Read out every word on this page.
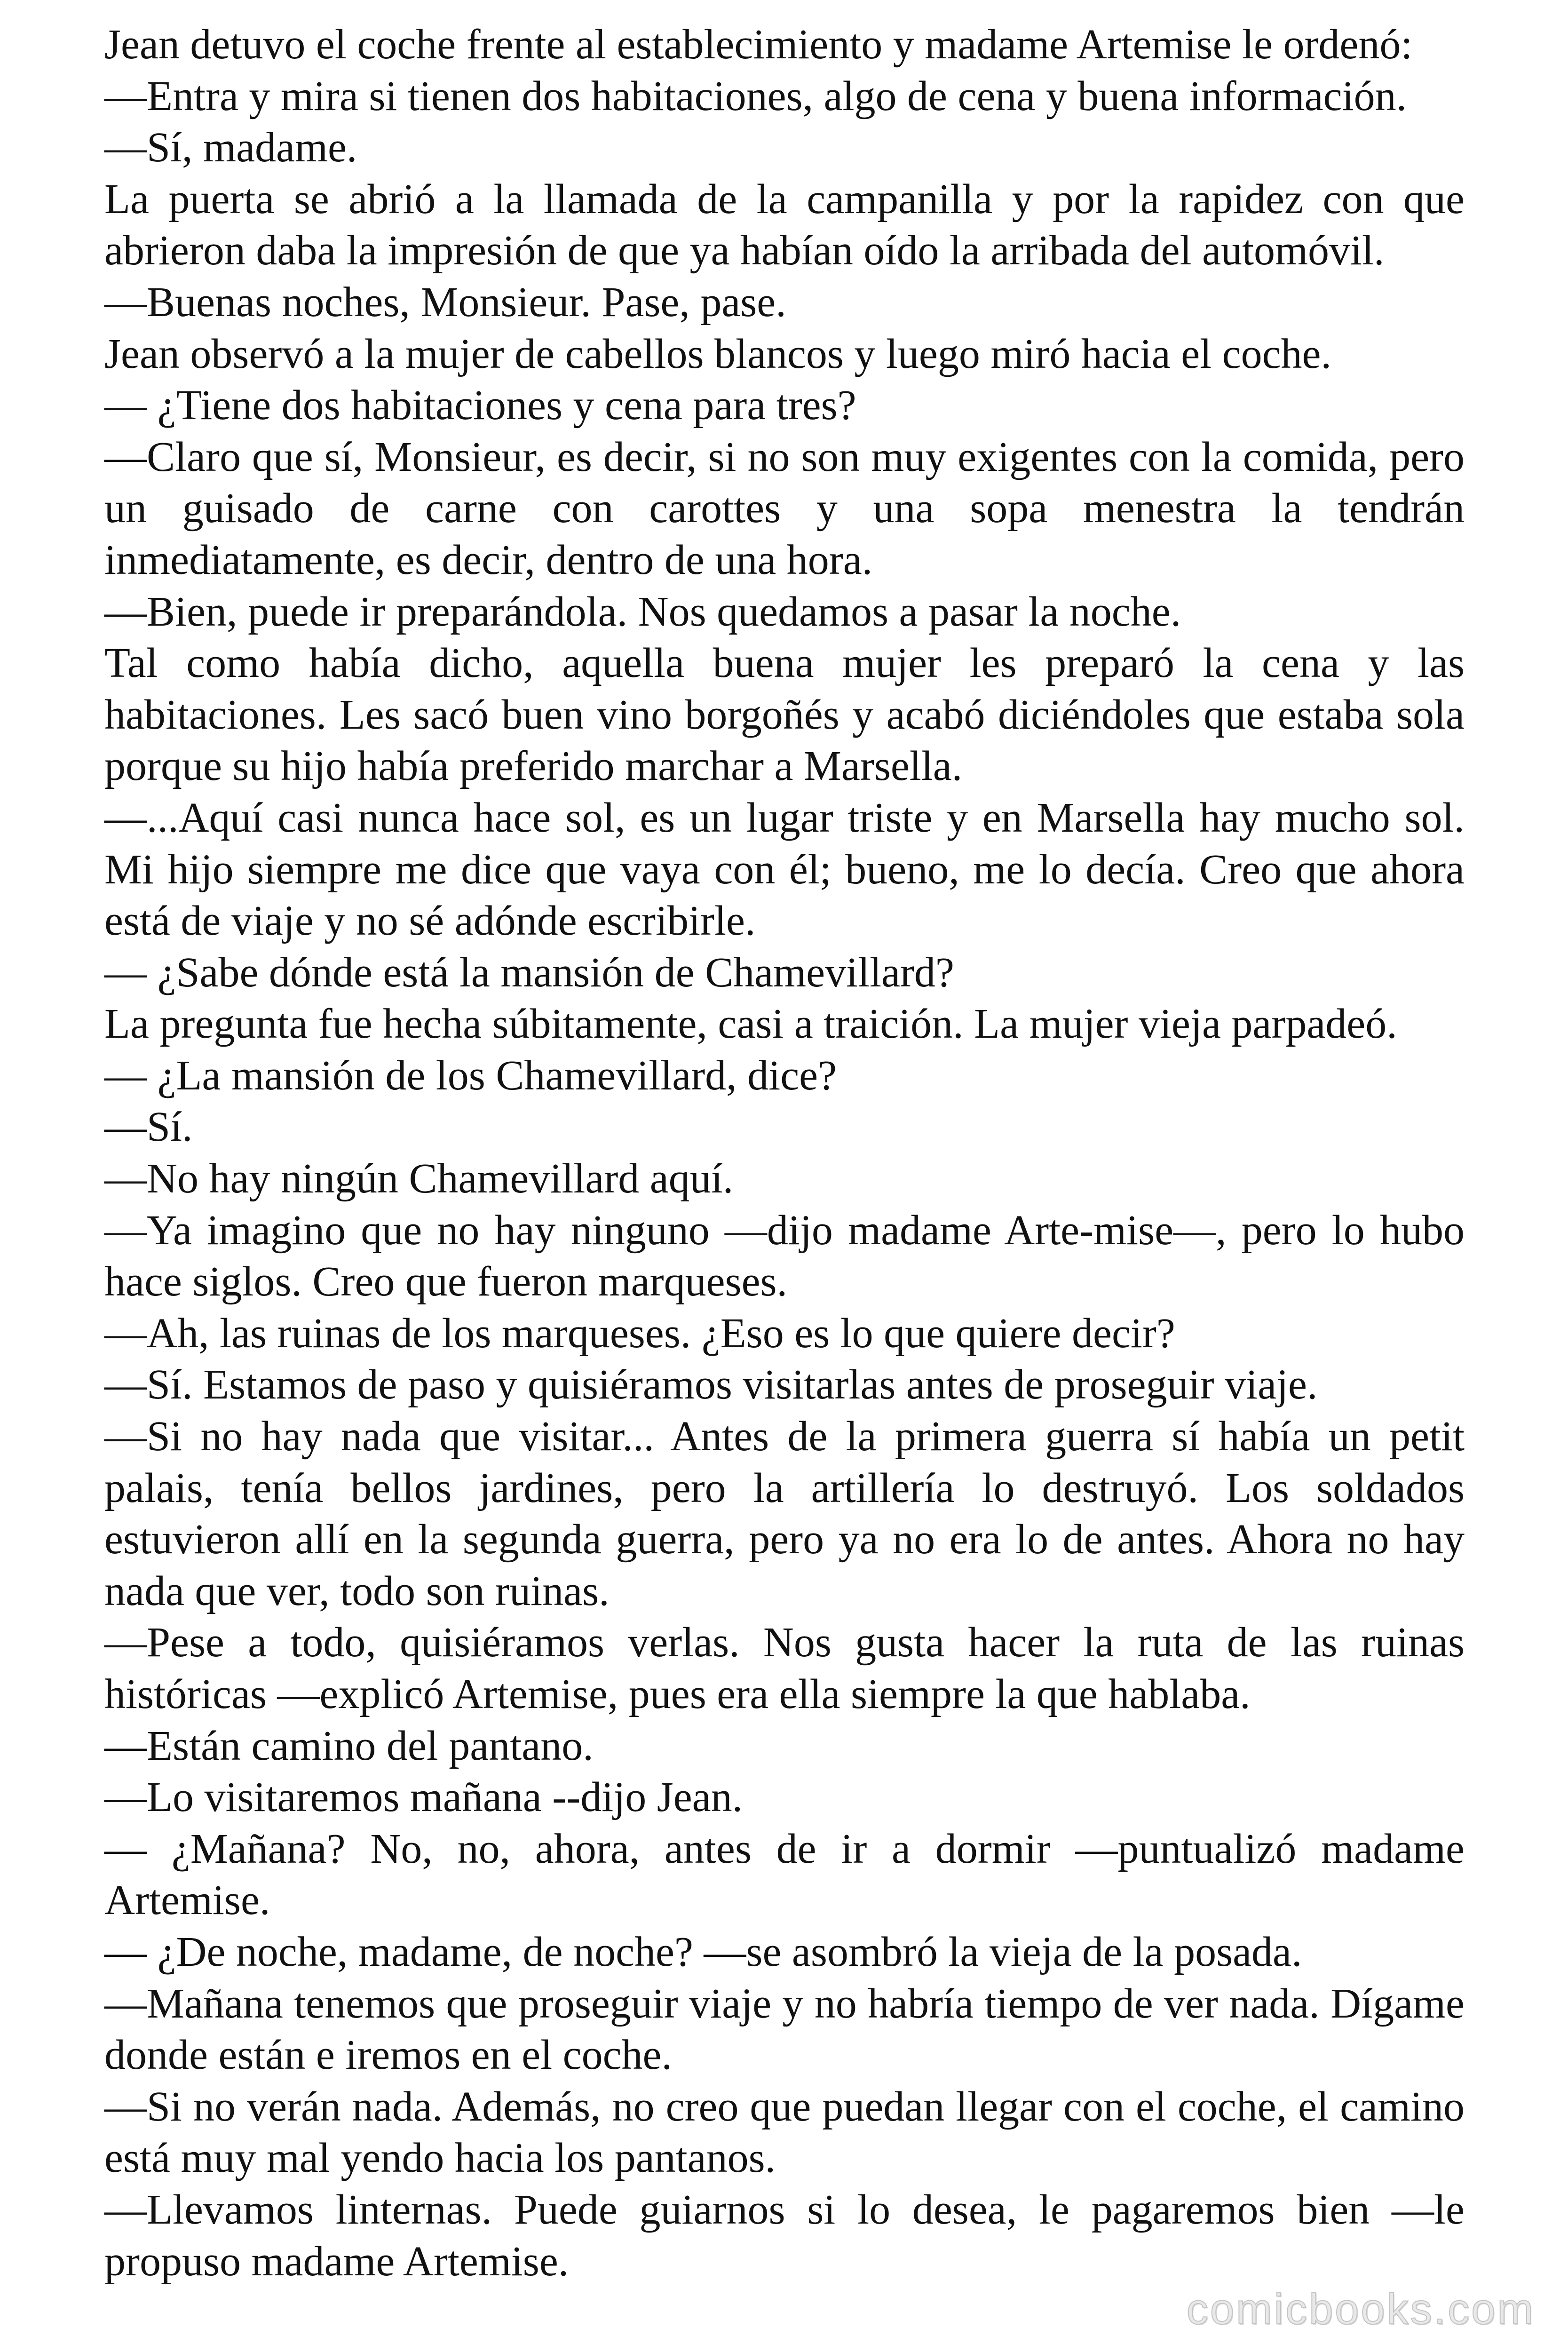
Jean detuvo el coche frente al establecimiento y madame Artemise le ordenó:

—Entra y mira si tienen dos habitaciones, algo de cena y buena información.

—Sí, madame.

La puerta se abrió a la llamada de la campanilla y por la rapidez con que abrieron daba la impresión de que ya habían oído la arribada del automóvil.

—Buenas noches, Monsieur. Pase, pase.

Jean observó a la mujer de cabellos blancos y luego miró hacia el coche.

— ¿Tiene dos habitaciones y cena para tres?

—Claro que sí, Monsieur, es decir, si no son muy exigentes con la comida, pero un guisado de carne con carottes y una sopa menestra la tendrán inmediatamente, es decir, dentro de una hora.

—Bien, puede ir preparándola. Nos quedamos a pasar la noche.

Tal como había dicho, aquella buena mujer les preparó la cena y las habitaciones. Les sacó buen vino borgoñés y acabó diciéndoles que estaba sola porque su hijo había preferido marchar a Marsella.

—...Aquí casi nunca hace sol, es un lugar triste y en Marsella hay mucho sol. Mi hijo siempre me dice que vaya con él; bueno, me lo decía. Creo que ahora está de viaje y no sé adónde escribirle.

— ¿Sabe dónde está la mansión de Chamevillard?

La pregunta fue hecha súbitamente, casi a traición. La mujer vieja parpadeó.

— ¿La mansión de los Chamevillard, dice?

—Sí.

—No hay ningún Chamevillard aquí.

—Ya imagino que no hay ninguno —dijo madame Arte-mise—, pero lo hubo hace siglos. Creo que fueron marqueses.

—Ah, las ruinas de los marqueses. ¿Eso es lo que quiere decir?

—Sí. Estamos de paso y quisiéramos visitarlas antes de proseguir viaje.

—Si no hay nada que visitar... Antes de la primera guerra sí había un petit palais, tenía bellos jardines, pero la artillería lo destruyó. Los soldados estuvieron allí en la segunda guerra, pero ya no era lo de antes. Ahora no hay nada que ver, todo son ruinas.

—Pese a todo, quisiéramos verlas. Nos gusta hacer la ruta de las ruinas históricas —explicó Artemise, pues era ella siempre la que hablaba.

—Están camino del pantano.

—Lo visitaremos mañana --dijo Jean.

— ¿Mañana? No, no, ahora, antes de ir a dormir —puntualizó madame Artemise.

— ¿De noche, madame, de noche? —se asombró la vieja de la posada.

—Mañana tenemos que proseguir viaje y no habría tiempo de ver nada. Dígame donde están e iremos en el coche.

—Si no verán nada. Además, no creo que puedan llegar con el coche, el camino está muy mal yendo hacia los pantanos.

—Llevamos linternas. Puede guiarnos si lo desea, le pagaremos bien —le propuso madame Artemise.

comicbooks.com
